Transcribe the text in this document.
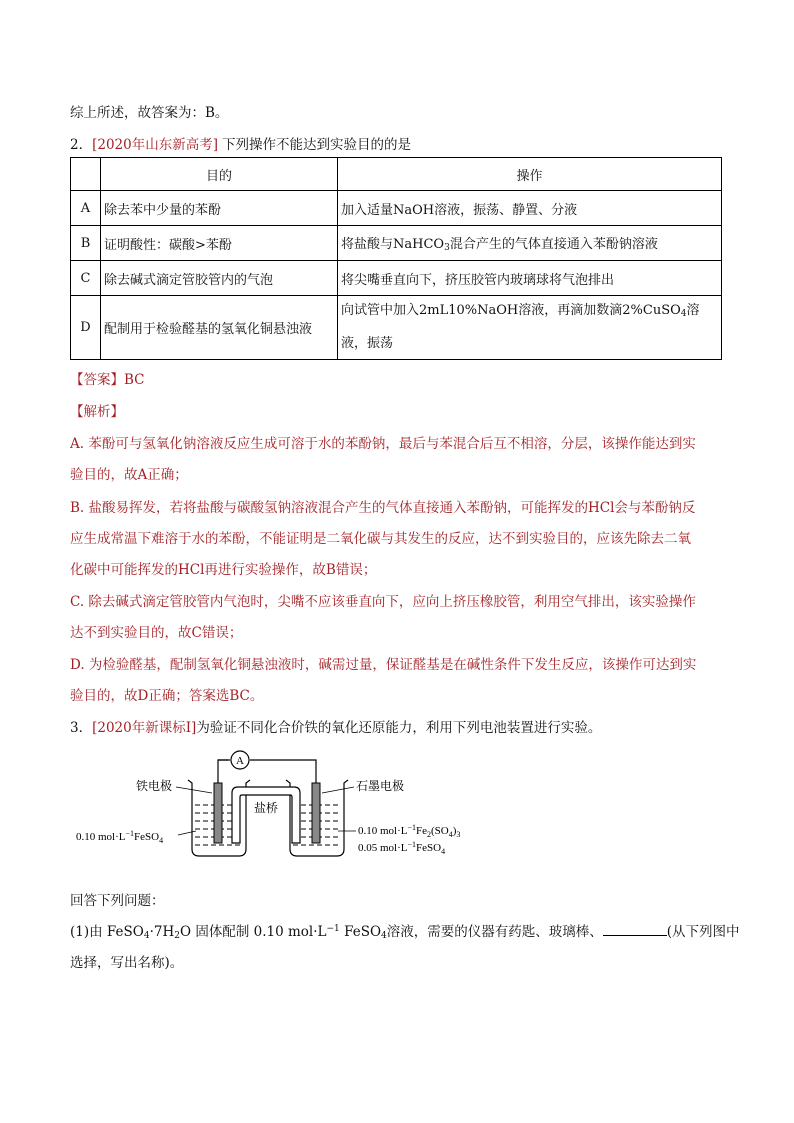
综上所述，故答案为：B。
2．[2020年山东新高考] 下列操作不能达到实验目的的是
	目的	操作
A	除去苯中少量的苯酚	加入适量NaOH溶液，振荡、静置、分液
B	证明酸性：碳酸>苯酚	将盐酸与NaHCO$_3$混合产生的气体直接通入苯酚钠溶液
C	除去碱式滴定管胶管内的气泡	将尖嘴垂直向下，挤压胶管内玻璃球将气泡排出
D	配制用于检验醛基的氢氧化铜悬浊液	向试管中加入2mL10%NaOH溶液，再滴加数滴2%CuSO$_4$溶液，振荡
【答案】BC
【解析】
A. 苯酚可与氢氧化钠溶液反应生成可溶于水的苯酚钠，最后与苯混合后互不相溶，分层，该操作能达到实
验目的，故A正确；
B. 盐酸易挥发，若将盐酸与碳酸氢钠溶液混合产生的气体直接通入苯酚钠，可能挥发的HCl会与苯酚钠反
应生成常温下难溶于水的苯酚，不能证明是二氧化碳与其发生的反应，达不到实验目的，应该先除去二氧
化碳中可能挥发的HCl再进行实验操作，故B错误；
C. 除去碱式滴定管胶管内气泡时，尖嘴不应该垂直向下，应向上挤压橡胶管，利用空气排出，该实验操作
达不到实验目的，故C错误；
D. 为检验醛基，配制氢氧化铜悬浊液时，碱需过量，保证醛基是在碱性条件下发生反应，该操作可达到实
验目的，故D正确；答案选BC。
3．[2020年新课标Ⅰ]为验证不同化合价铁的氧化还原能力，利用下列电池装置进行实验。
A
铁电极	石墨电极
盐桥
0.10 $mol\cdot L^{-1}FeSO_4$
0.10 $mol\cdot L^{-1}Fe_2(SO_4)_3$
0.05 $mol\cdot L^{-1}FeSO_4$
回答下列问题：
(1)由 $FeSO_4\cdot 7H_2O$ 固体配制 0.10 $mol\cdot L^{-1}$ FeSO$_4$溶液，需要的仪器有药匙、玻璃棒、	(从下列图中
选择，写出名称)。
